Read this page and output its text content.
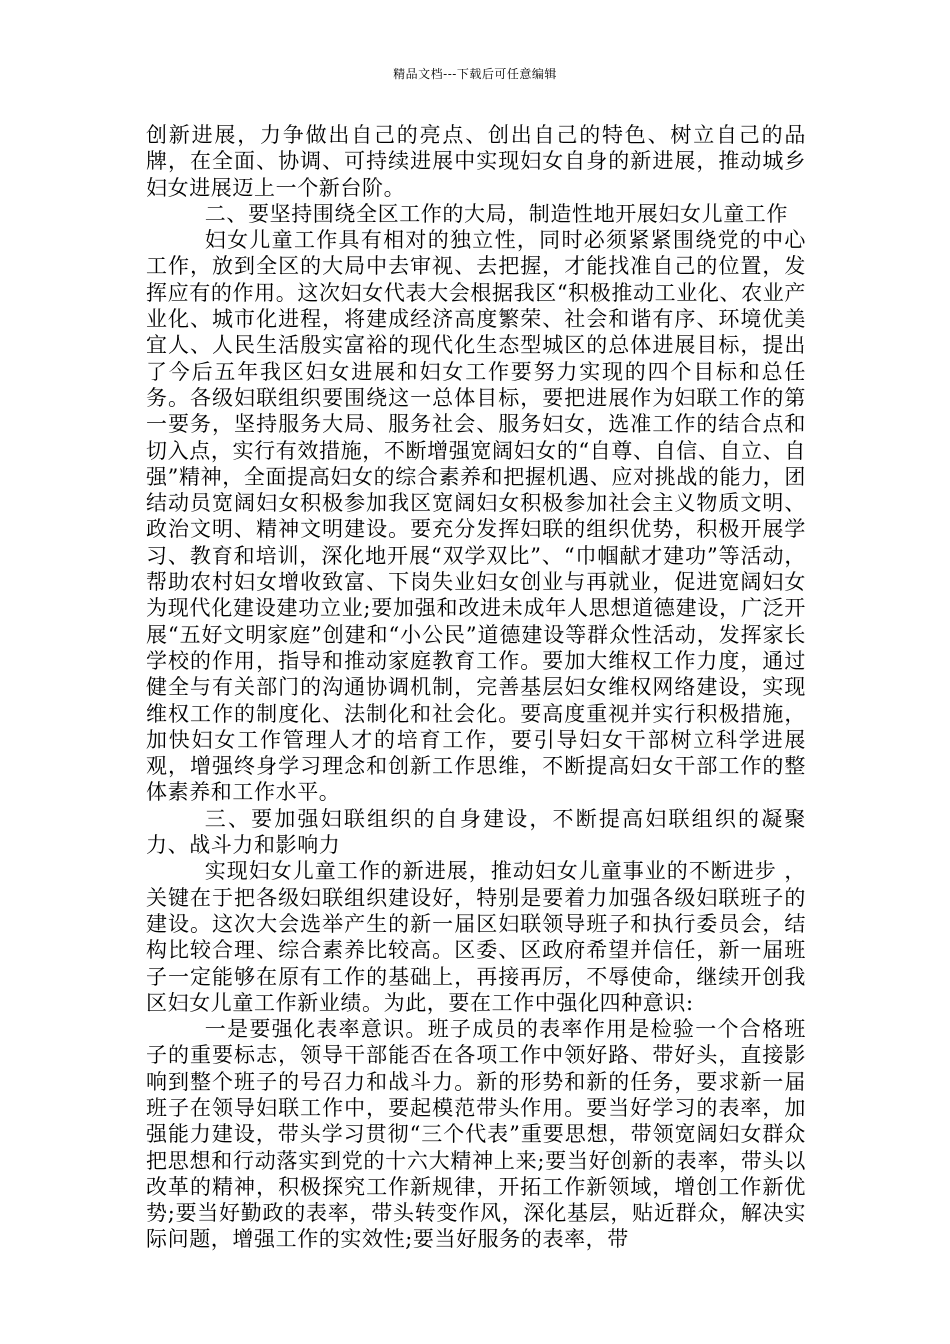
精品文档---下载后可任意编辑

创新进展，力争做出自己的亮点、创出自己的特色、树立自己的品牌，在全面、协调、可持续进展中实现妇女自身的新进展，推动城乡妇女进展迈上一个新台阶。

二、要坚持围绕全区工作的大局，制造性地开展妇女儿童工作

妇女儿童工作具有相对的独立性，同时必须紧紧围绕党的中心工作，放到全区的大局中去审视、去把握，才能找准自己的位置，发挥应有的作用。这次妇女代表大会根据我区“积极推动工业化、农业产业化、城市化进程，将建成经济高度繁荣、社会和谐有序、环境优美宜人、人民生活殷实富裕的现代化生态型城区的总体进展目标，提出了今后五年我区妇女进展和妇女工作要努力实现的四个目标和总任务。各级妇联组织要围绕这一总体目标，要把进展作为妇联工作的第一要务，坚持服务大局、服务社会、服务妇女，选准工作的结合点和切入点，实行有效措施，不断增强宽阔妇女的“自尊、自信、自立、自强”精神，全面提高妇女的综合素养和把握机遇、应对挑战的能力，团结动员宽阔妇女积极参加我区宽阔妇女积极参加社会主义物质文明、政治文明、精神文明建设。要充分发挥妇联的组织优势，积极开展学习、教育和培训，深化地开展“双学双比”、“巾帼献才建功”等活动，帮助农村妇女增收致富、下岗失业妇女创业与再就业，促进宽阔妇女为现代化建设建功立业;要加强和改进未成年人思想道德建设，广泛开展“五好文明家庭”创建和“小公民”道德建设等群众性活动，发挥家长学校的作用，指导和推动家庭教育工作。要加大维权工作力度，通过健全与有关部门的沟通协调机制，完善基层妇女维权网络建设，实现维权工作的制度化、法制化和社会化。要高度重视并实行积极措施，加快妇女工作管理人才的培育工作，要引导妇女干部树立科学进展观，增强终身学习理念和创新工作思维，不断提高妇女干部工作的整体素养和工作水平。

三、要加强妇联组织的自身建设，不断提高妇联组织的凝聚力、战斗力和影响力

实现妇女儿童工作的新进展，推动妇女儿童事业的不断进步 ，关键在于把各级妇联组织建设好，特别是要着力加强各级妇联班子的建设。这次大会选举产生的新一届区妇联领导班子和执行委员会，结构比较合理、综合素养比较高。区委、区政府希望并信任，新一届班子一定能够在原有工作的基础上，再接再厉，不辱使命，继续开创我区妇女儿童工作新业绩。为此，要在工作中强化四种意识:

一是要强化表率意识。班子成员的表率作用是检验一个合格班子的重要标志，领导干部能否在各项工作中领好路、带好头，直接影响到整个班子的号召力和战斗力。新的形势和新的任务，要求新一届班子在领导妇联工作中，要起模范带头作用。要当好学习的表率，加强能力建设，带头学习贯彻“三个代表”重要思想，带领宽阔妇女群众把思想和行动落实到党的十六大精神上来;要当好创新的表率，带头以改革的精神，积极探究工作新规律，开拓工作新领域，增创工作新优势;要当好勤政的表率，带头转变作风，深化基层，贴近群众，解决实际问题，增强工作的实效性;要当好服务的表率，带
